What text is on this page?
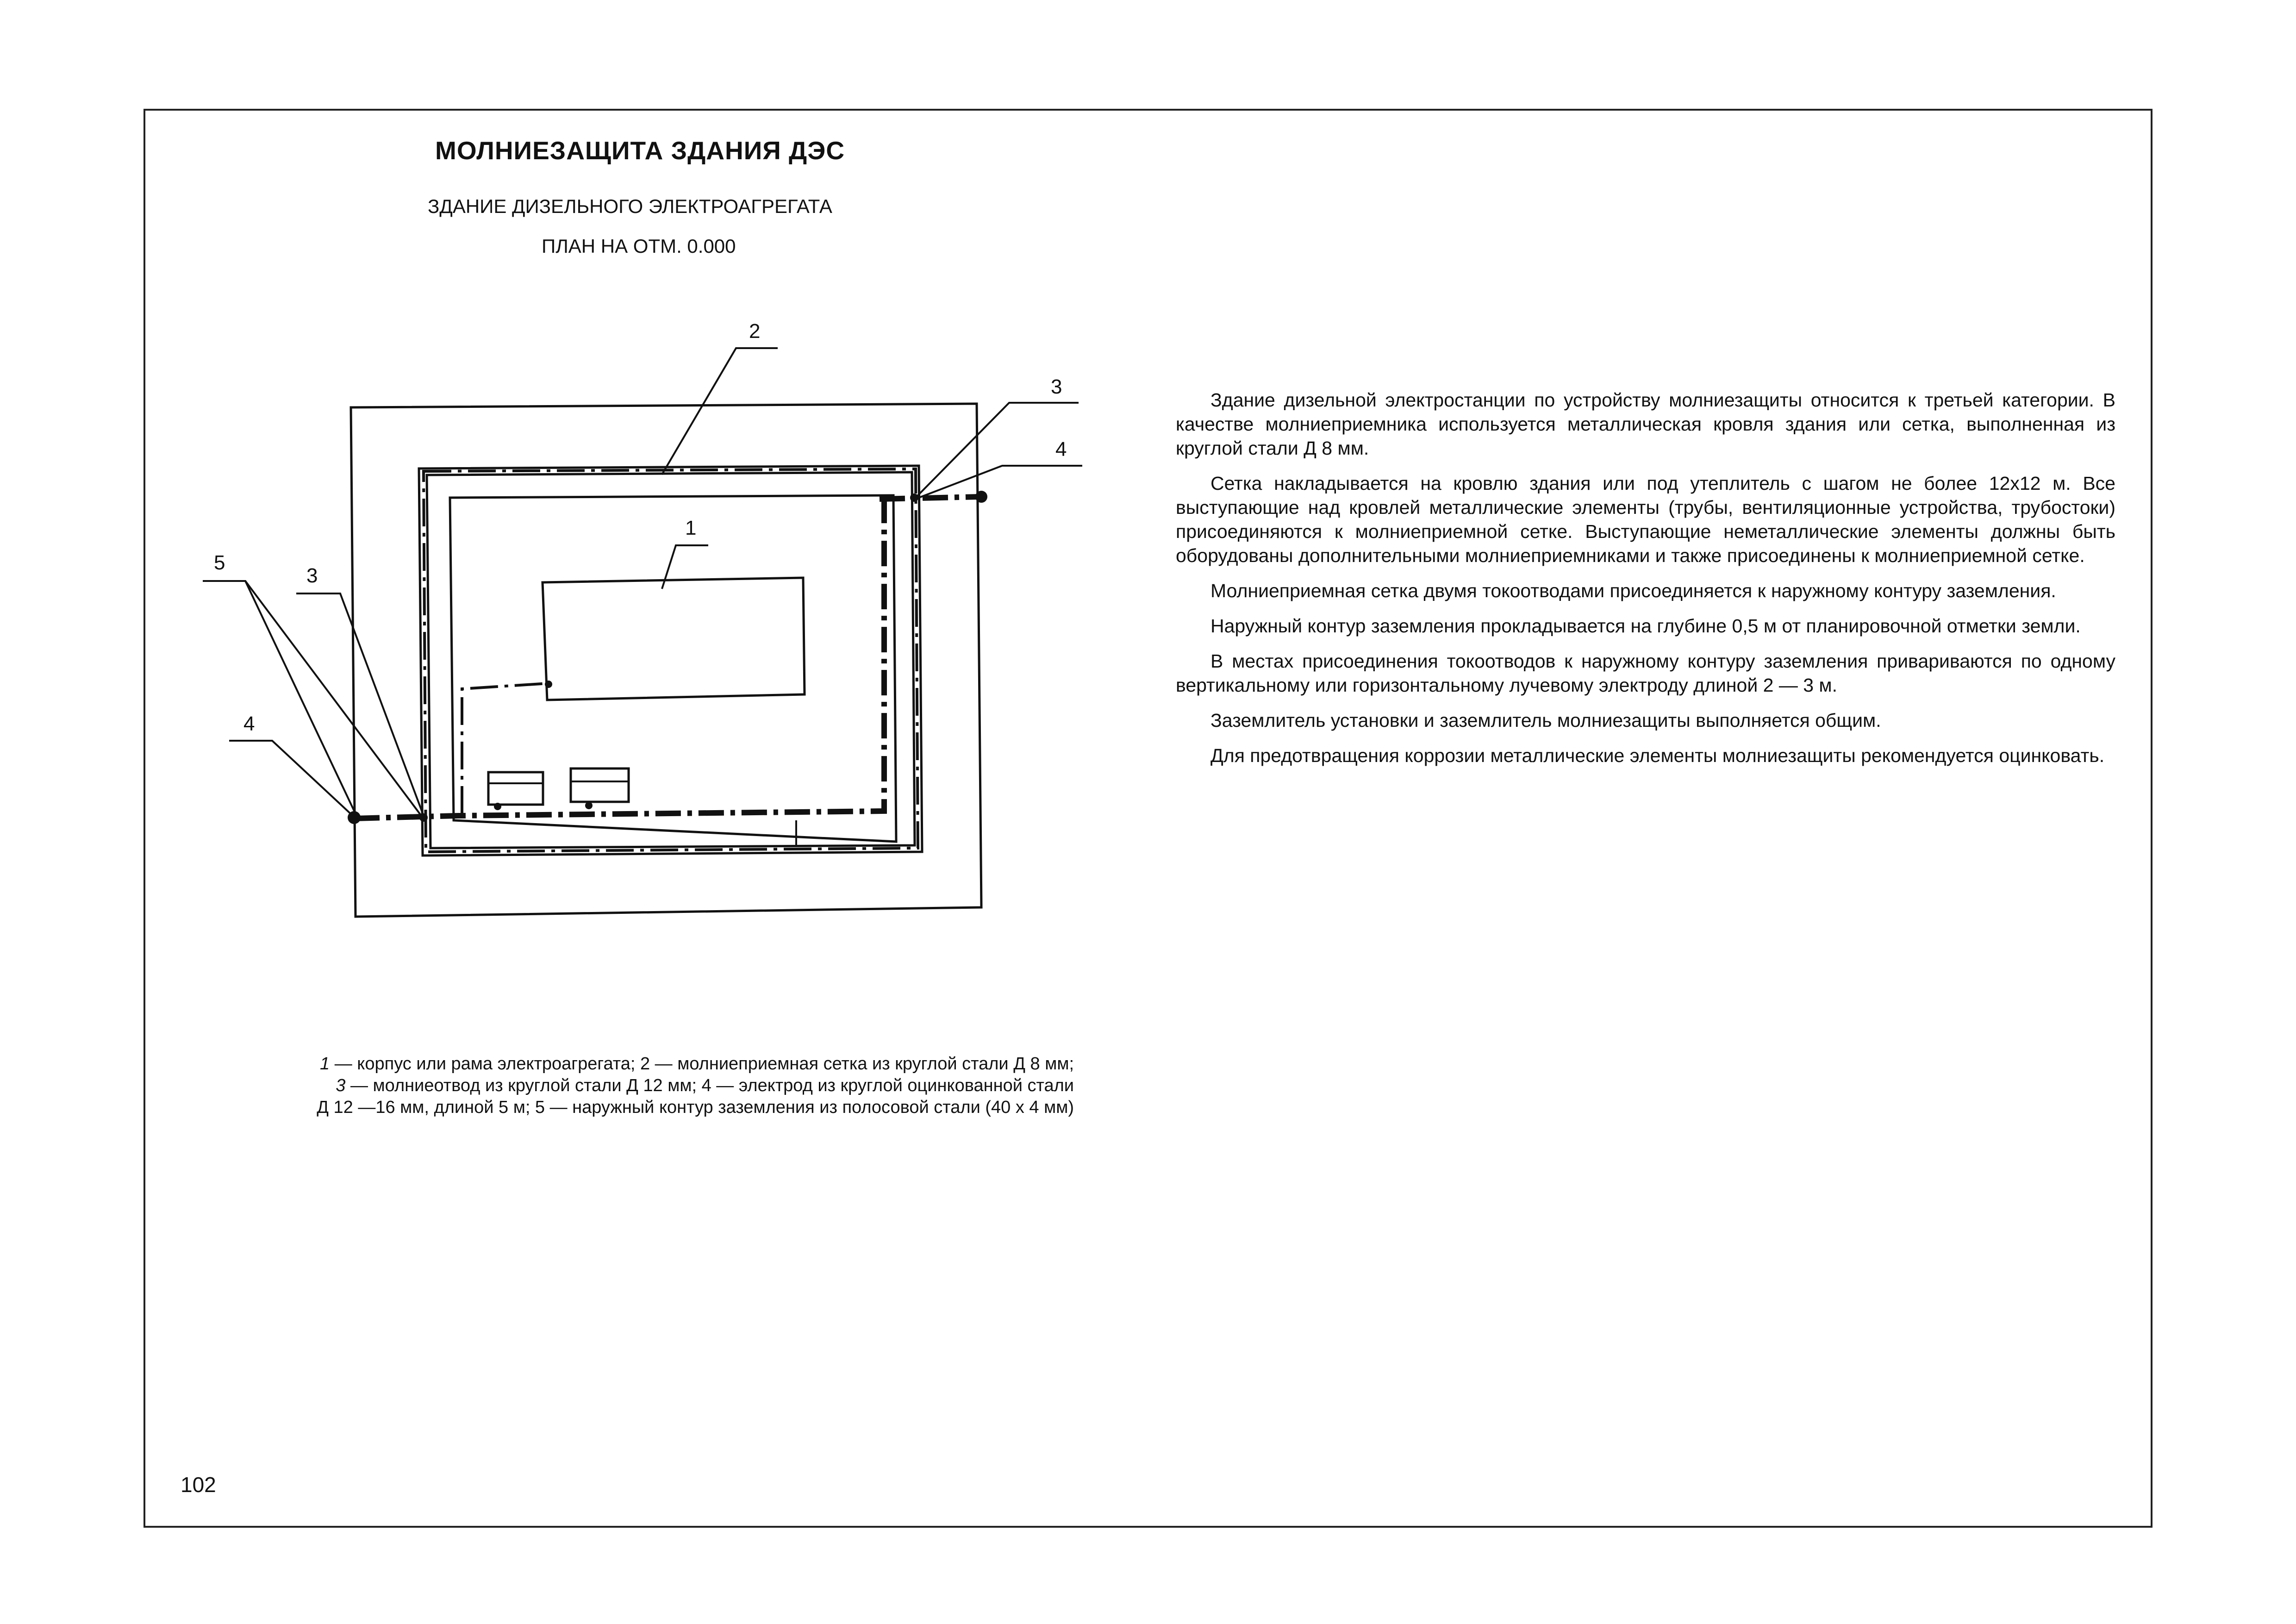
МОЛНИЕЗАЩИТА ЗДАНИЯ ДЭС
ЗДАНИЕ ДИЗЕЛЬНОГО ЭЛЕКТРОАГРЕГАТА
ПЛАН НА ОТМ. 0.000
1
2
3
4
5
3
4

1 — корпус или рама электроагрегата; 2 — молниеприемная сетка из круглой стали Д 8 мм;

3 — молниеотвод из круглой стали Д 12 мм; 4 — электрод из круглой оцинкованной стали

Д 12 —16 мм, длиной 5 м; 5 — наружный контур заземления из полосовой стали (40 х 4 мм)

Здание дизельной электростанции по устройству молниезащиты относится к третьей категории. В качестве молниеприемника используется металлическая кровля здания или сетка, выполненная из круглой стали Д 8 мм.

Сетка накладывается на кровлю здания или под утеплитель с шагом не более 12х12 м. Все выступающие над кровлей металлические элементы (трубы, вентиляционные устройства, трубостоки) присоединяются к молниеприемной сетке. Выступающие неметаллические элементы должны быть оборудованы дополнительными молниеприемниками и также присоединены к молниеприемной сетке.

Молниеприемная сетка двумя токоотводами присоединяется к наружному контуру заземления.

Наружный контур заземления прокладывается на глубине 0,5 м от планировочной отметки земли.

В местах присоединения токоотводов к наружному контуру заземления привариваются по одному вертикальному или горизонтальному лучевому электроду длиной 2 — 3 м.

Заземлитель установки и заземлитель молниезащиты выполняется общим.

Для предотвращения коррозии металлические элементы молниезащиты рекомендуется оцинковать.

102
